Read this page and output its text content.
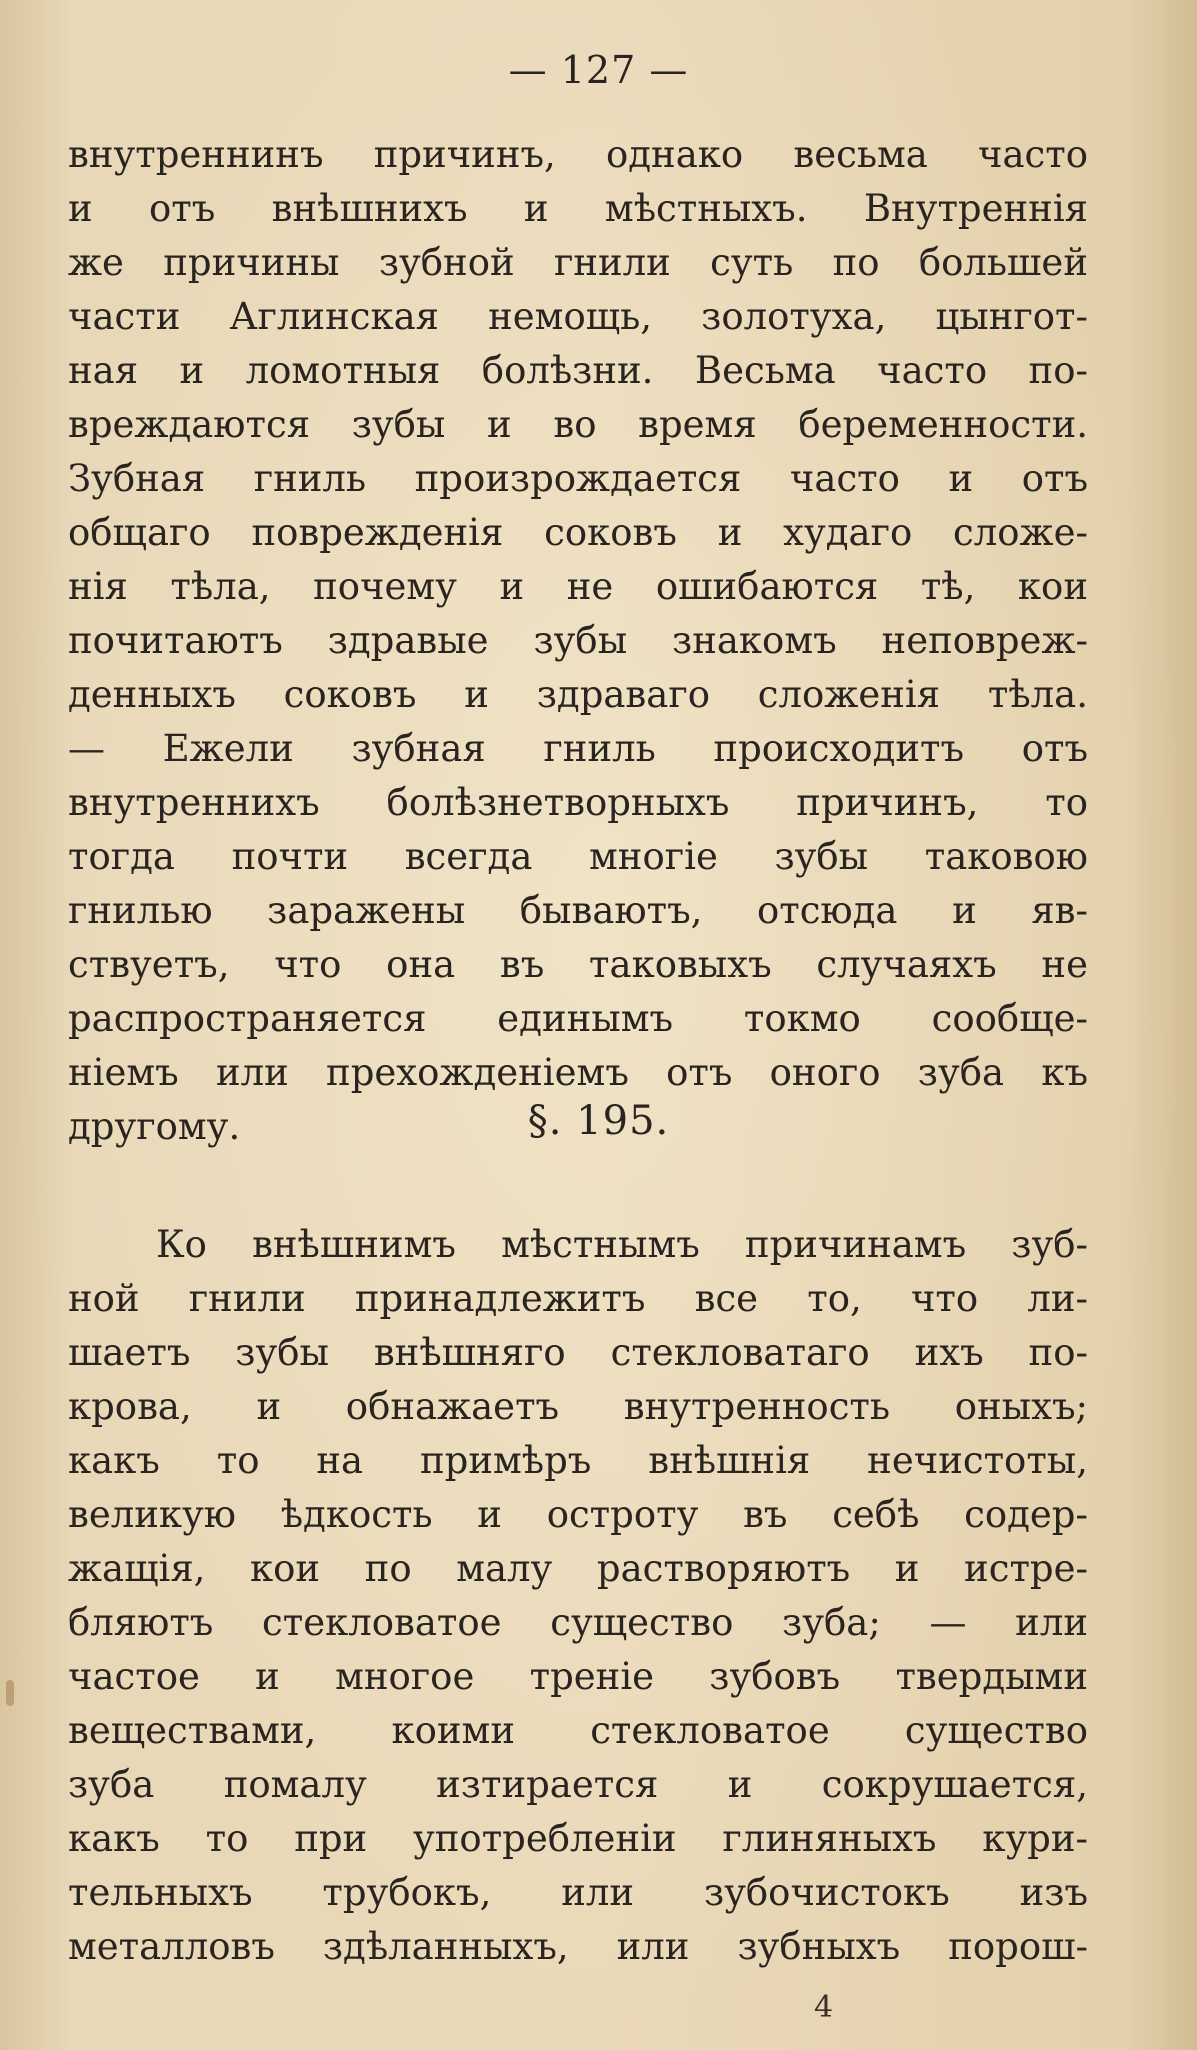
— 127 —
внутреннинъ причинъ, однако весьма часто
и отъ внѣшнихъ и мѣстныхъ. Внутреннія
же причины зубной гнили суть по большей
части Аглинская немощь, золотуха, цынгот-
ная и ломотныя болѣзни. Весьма часто по-
вреждаются зубы и во время беременности.
Зубная гниль произрождается часто и отъ
общаго поврежденія соковъ и худаго сложе-
нія тѣла, почему и не ошибаются тѣ, кои
почитаютъ здравые зубы знакомъ неповреж-
денныхъ соковъ и здраваго сложенія тѣла.
— Ежели зубная гниль происходитъ отъ
внутреннихъ болѣзнетворныхъ причинъ, то
тогда почти всегда многіе зубы таковою
гнилью заражены бываютъ, отсюда и яв-
ствуетъ, что она въ таковыхъ случаяхъ не
распространяется единымъ токмо сообще-
ніемъ или прехожденіемъ отъ оного зуба къ
другому.	§. 195.
Ко внѣшнимъ мѣстнымъ причинамъ зуб-
ной гнили принадлежитъ все то, что ли-
шаетъ зубы внѣшняго стекловатаго ихъ по-
крова, и обнажаетъ внутренность оныхъ;
какъ то на примѣръ внѣшнія нечистоты,
великую ѣдкость и остроту въ себѣ содер-
жащія, кои по малу растворяютъ и истре-
бляютъ стекловатое существо зуба; — или
частое и многое треніе зубовъ твердыми
веществами, коими стекловатое существо
зуба помалу изтирается и сокрушается,
какъ то при употребленіи глиняныхъ кури-
тельныхъ трубокъ, или зубочистокъ изъ
металловъ здѣланныхъ, или зубныхъ порош-
4
